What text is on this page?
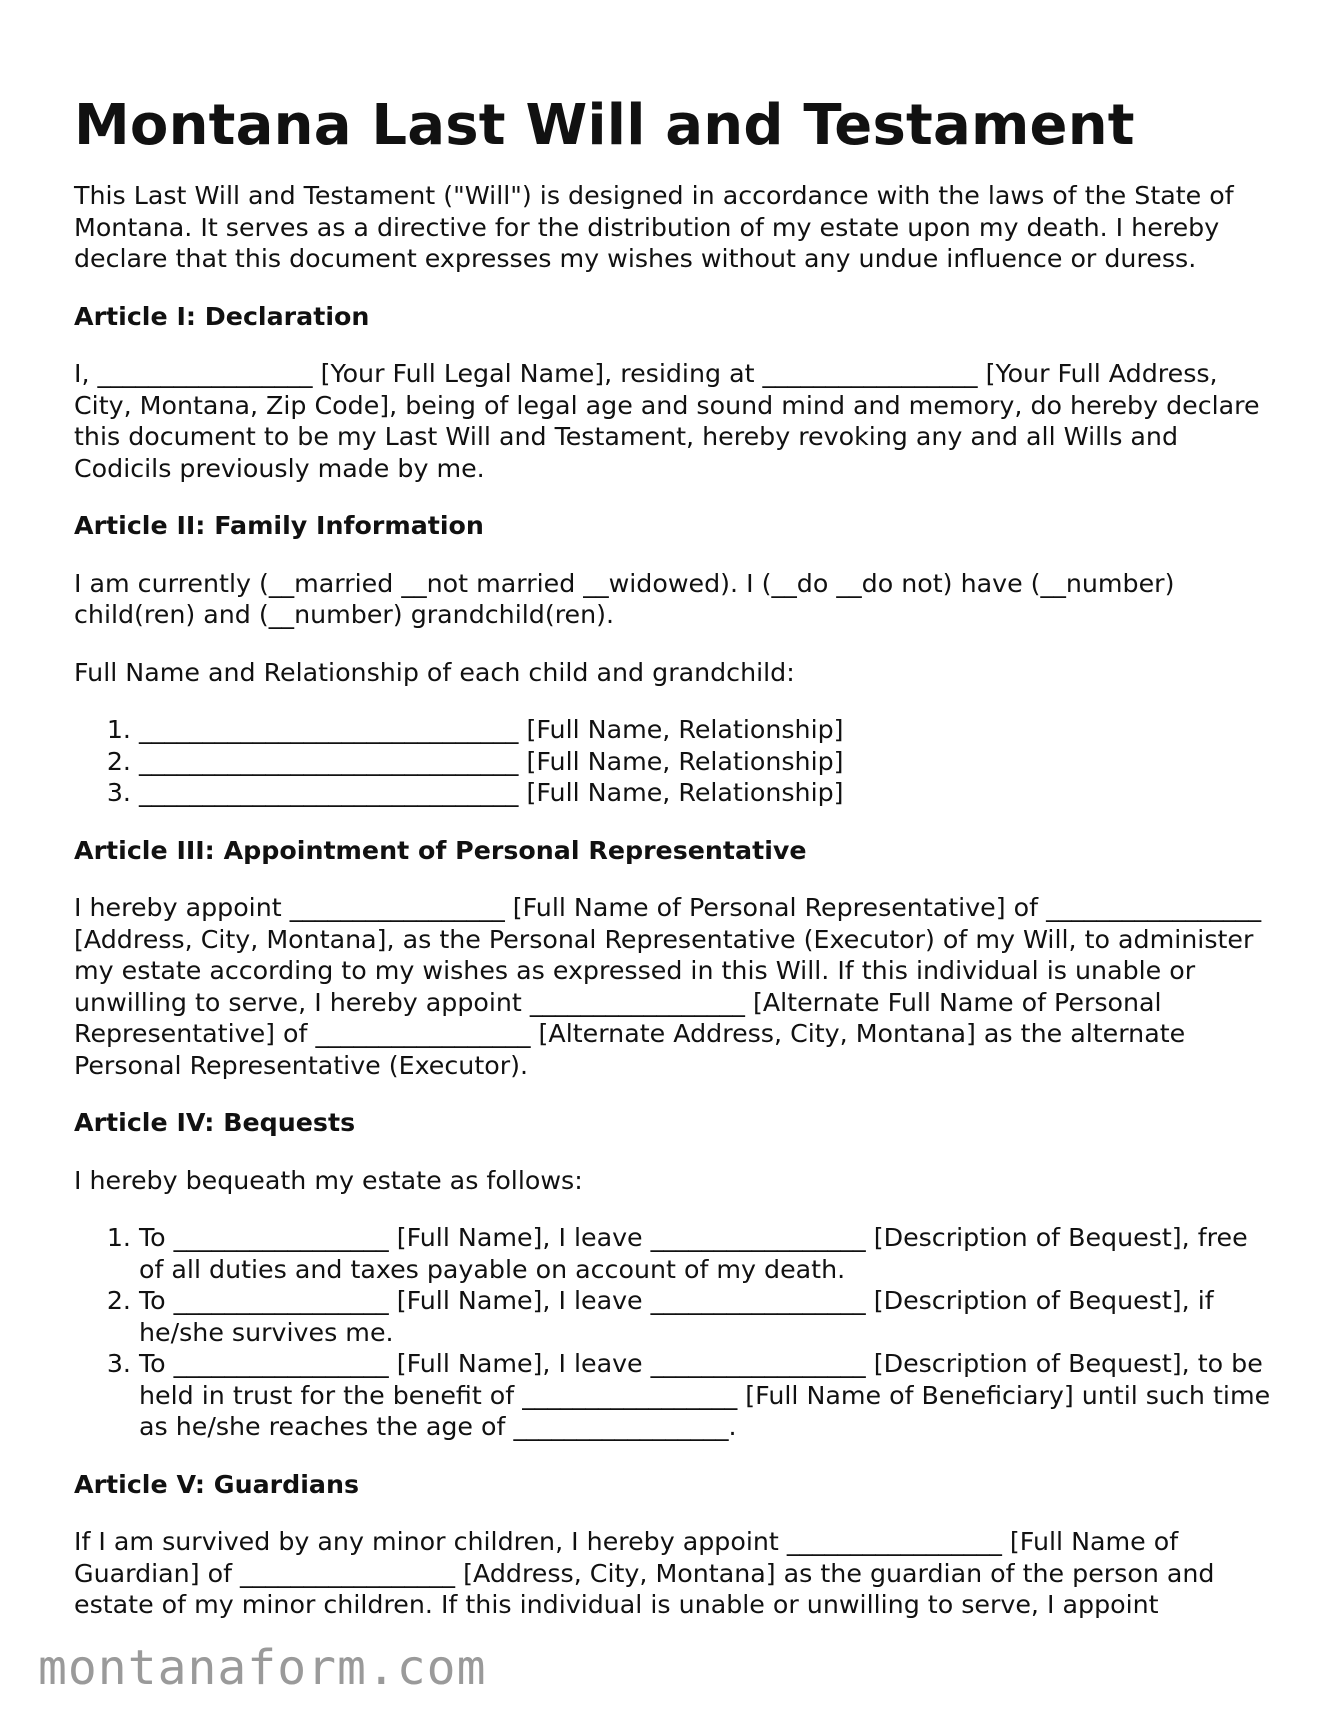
Montana Last Will and Testament

This Last Will and Testament ("Will") is designed in accordance with the laws of the State of Montana. It serves as a directive for the distribution of my estate upon my death. I hereby declare that this document expresses my wishes without any undue influence or duress.

Article I: Declaration

I, _________________ [Your Full Legal Name], residing at _________________ [Your Full Address, City, Montana, Zip Code], being of legal age and sound mind and memory, do hereby declare this document to be my Last Will and Testament, hereby revoking any and all Wills and Codicils previously made by me.

Article II: Family Information

I am currently (__married __not married __widowed). I (__do __do not) have (__number) child(ren) and (__number) grandchild(ren).

Full Name and Relationship of each child and grandchild:

1. ______________________________ [Full Name, Relationship]
2. ______________________________ [Full Name, Relationship]
3. ______________________________ [Full Name, Relationship]
Article III: Appointment of Personal Representative

I hereby appoint _________________ [Full Name of Personal Representative] of _________________ [Address, City, Montana], as the Personal Representative (Executor) of my Will, to administer my estate according to my wishes as expressed in this Will. If this individual is unable or unwilling to serve, I hereby appoint _________________ [Alternate Full Name of Personal Representative] of _________________ [Alternate Address, City, Montana] as the alternate Personal Representative (Executor).

Article IV: Bequests

I hereby bequeath my estate as follows:

1. To _________________ [Full Name], I leave _________________ [Description of Bequest], free of all duties and taxes payable on account of my death.
2. To _________________ [Full Name], I leave _________________ [Description of Bequest], if he/she survives me.
3. To _________________ [Full Name], I leave _________________ [Description of Bequest], to be held in trust for the benefit of _________________ [Full Name of Beneficiary] until such time as he/she reaches the age of _________________.
Article V: Guardians

If I am survived by any minor children, I hereby appoint _________________ [Full Name of Guardian] of _________________ [Address, City, Montana] as the guardian of the person and estate of my minor children. If this individual is unable or unwilling to serve, I appoint

montanaform.com
